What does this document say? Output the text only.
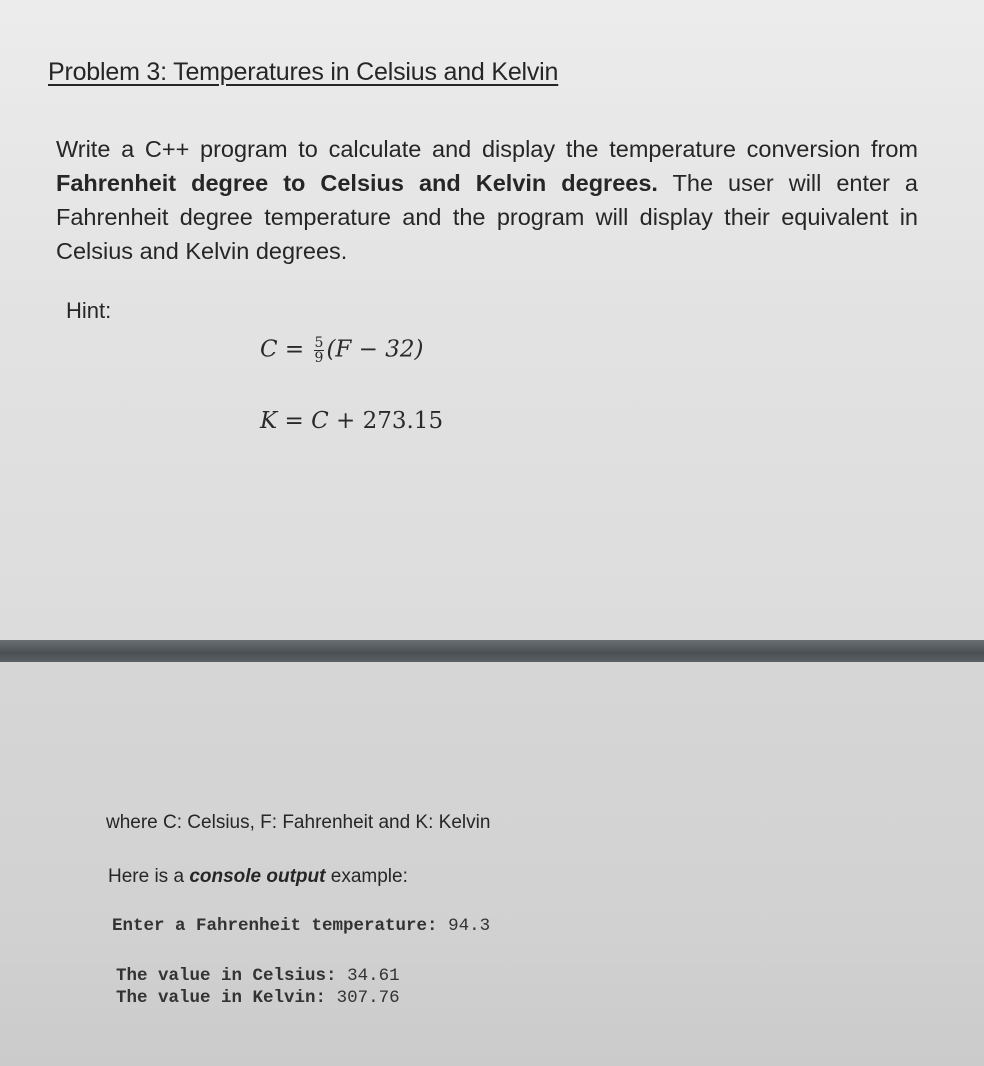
Problem 3: Temperatures in Celsius and Kelvin

Write a C++ program to calculate and display the temperature conversion from Fahrenheit degree to Celsius and Kelvin degrees. The user will enter a Fahrenheit degree temperature and the program will display their equivalent in Celsius and Kelvin degrees.

Hint:

$C = \frac{5}{9} (F - 32)$
K = C + 273.15

where C: Celsius, F: Fahrenheit and K: Kelvin

Here is a console output example:

Enter a Fahrenheit temperature: 94.3
The value in Celsius: 34.61
The value in Kelvin: 307.76
